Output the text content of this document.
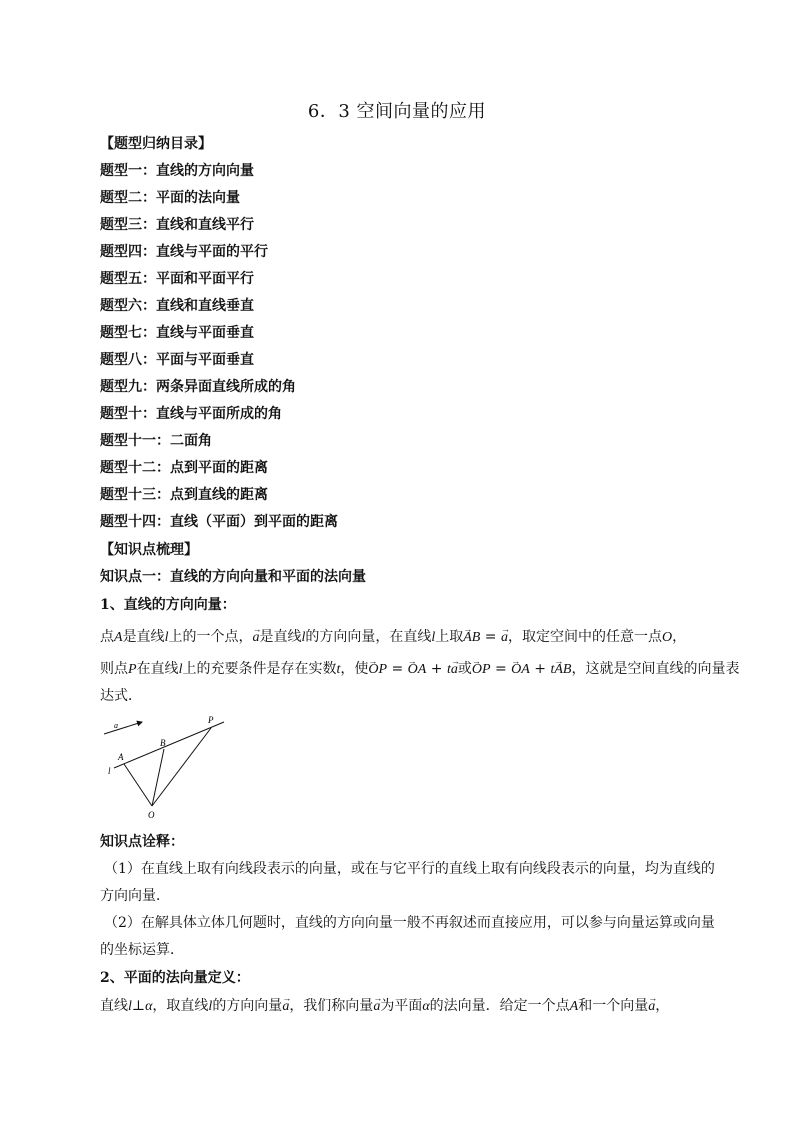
6．3 空间向量的应用
【题型归纳目录】
题型一：直线的方向向量
题型二：平面的法向量
题型三：直线和直线平行
题型四：直线与平面的平行
题型五：平面和平面平行
题型六：直线和直线垂直
题型七：直线与平面垂直
题型八：平面与平面垂直
题型九：两条异面直线所成的角
题型十：直线与平面所成的角
题型十一：二面角
题型十二：点到平面的距离
题型十三：点到直线的距离
题型十四：直线（平面）到平面的距离
【知识点梳理】
知识点一：直线的方向向量和平面的法向量
1、直线的方向向量：
点A是直线l上的一个点，→ a是直线l的方向向量，在直线l上取→ AB = → a，取定空间中的任意一点O，
则点P在直线l上的充要条件是存在实数t，使→ OP = → OA + t→ a或→ OP = → OA + t→ AB，这就是空间直线的向量表
达式．
a
A
B
P
l
O
知识点诠释：
（1）在直线上取有向线段表示的向量，或在与它平行的直线上取有向线段表示的向量，均为直线的方向向量．
（2）在解具体立体几何题时，直线的方向向量一般不再叙述而直接应用，可以参与向量运算或向量的坐标运算．
2、平面的法向量定义：
直线l⊥α，取直线l的方向向量→ a，我们称向量→ a为平面α的法向量．给定一个点A和一个向量→ a，
